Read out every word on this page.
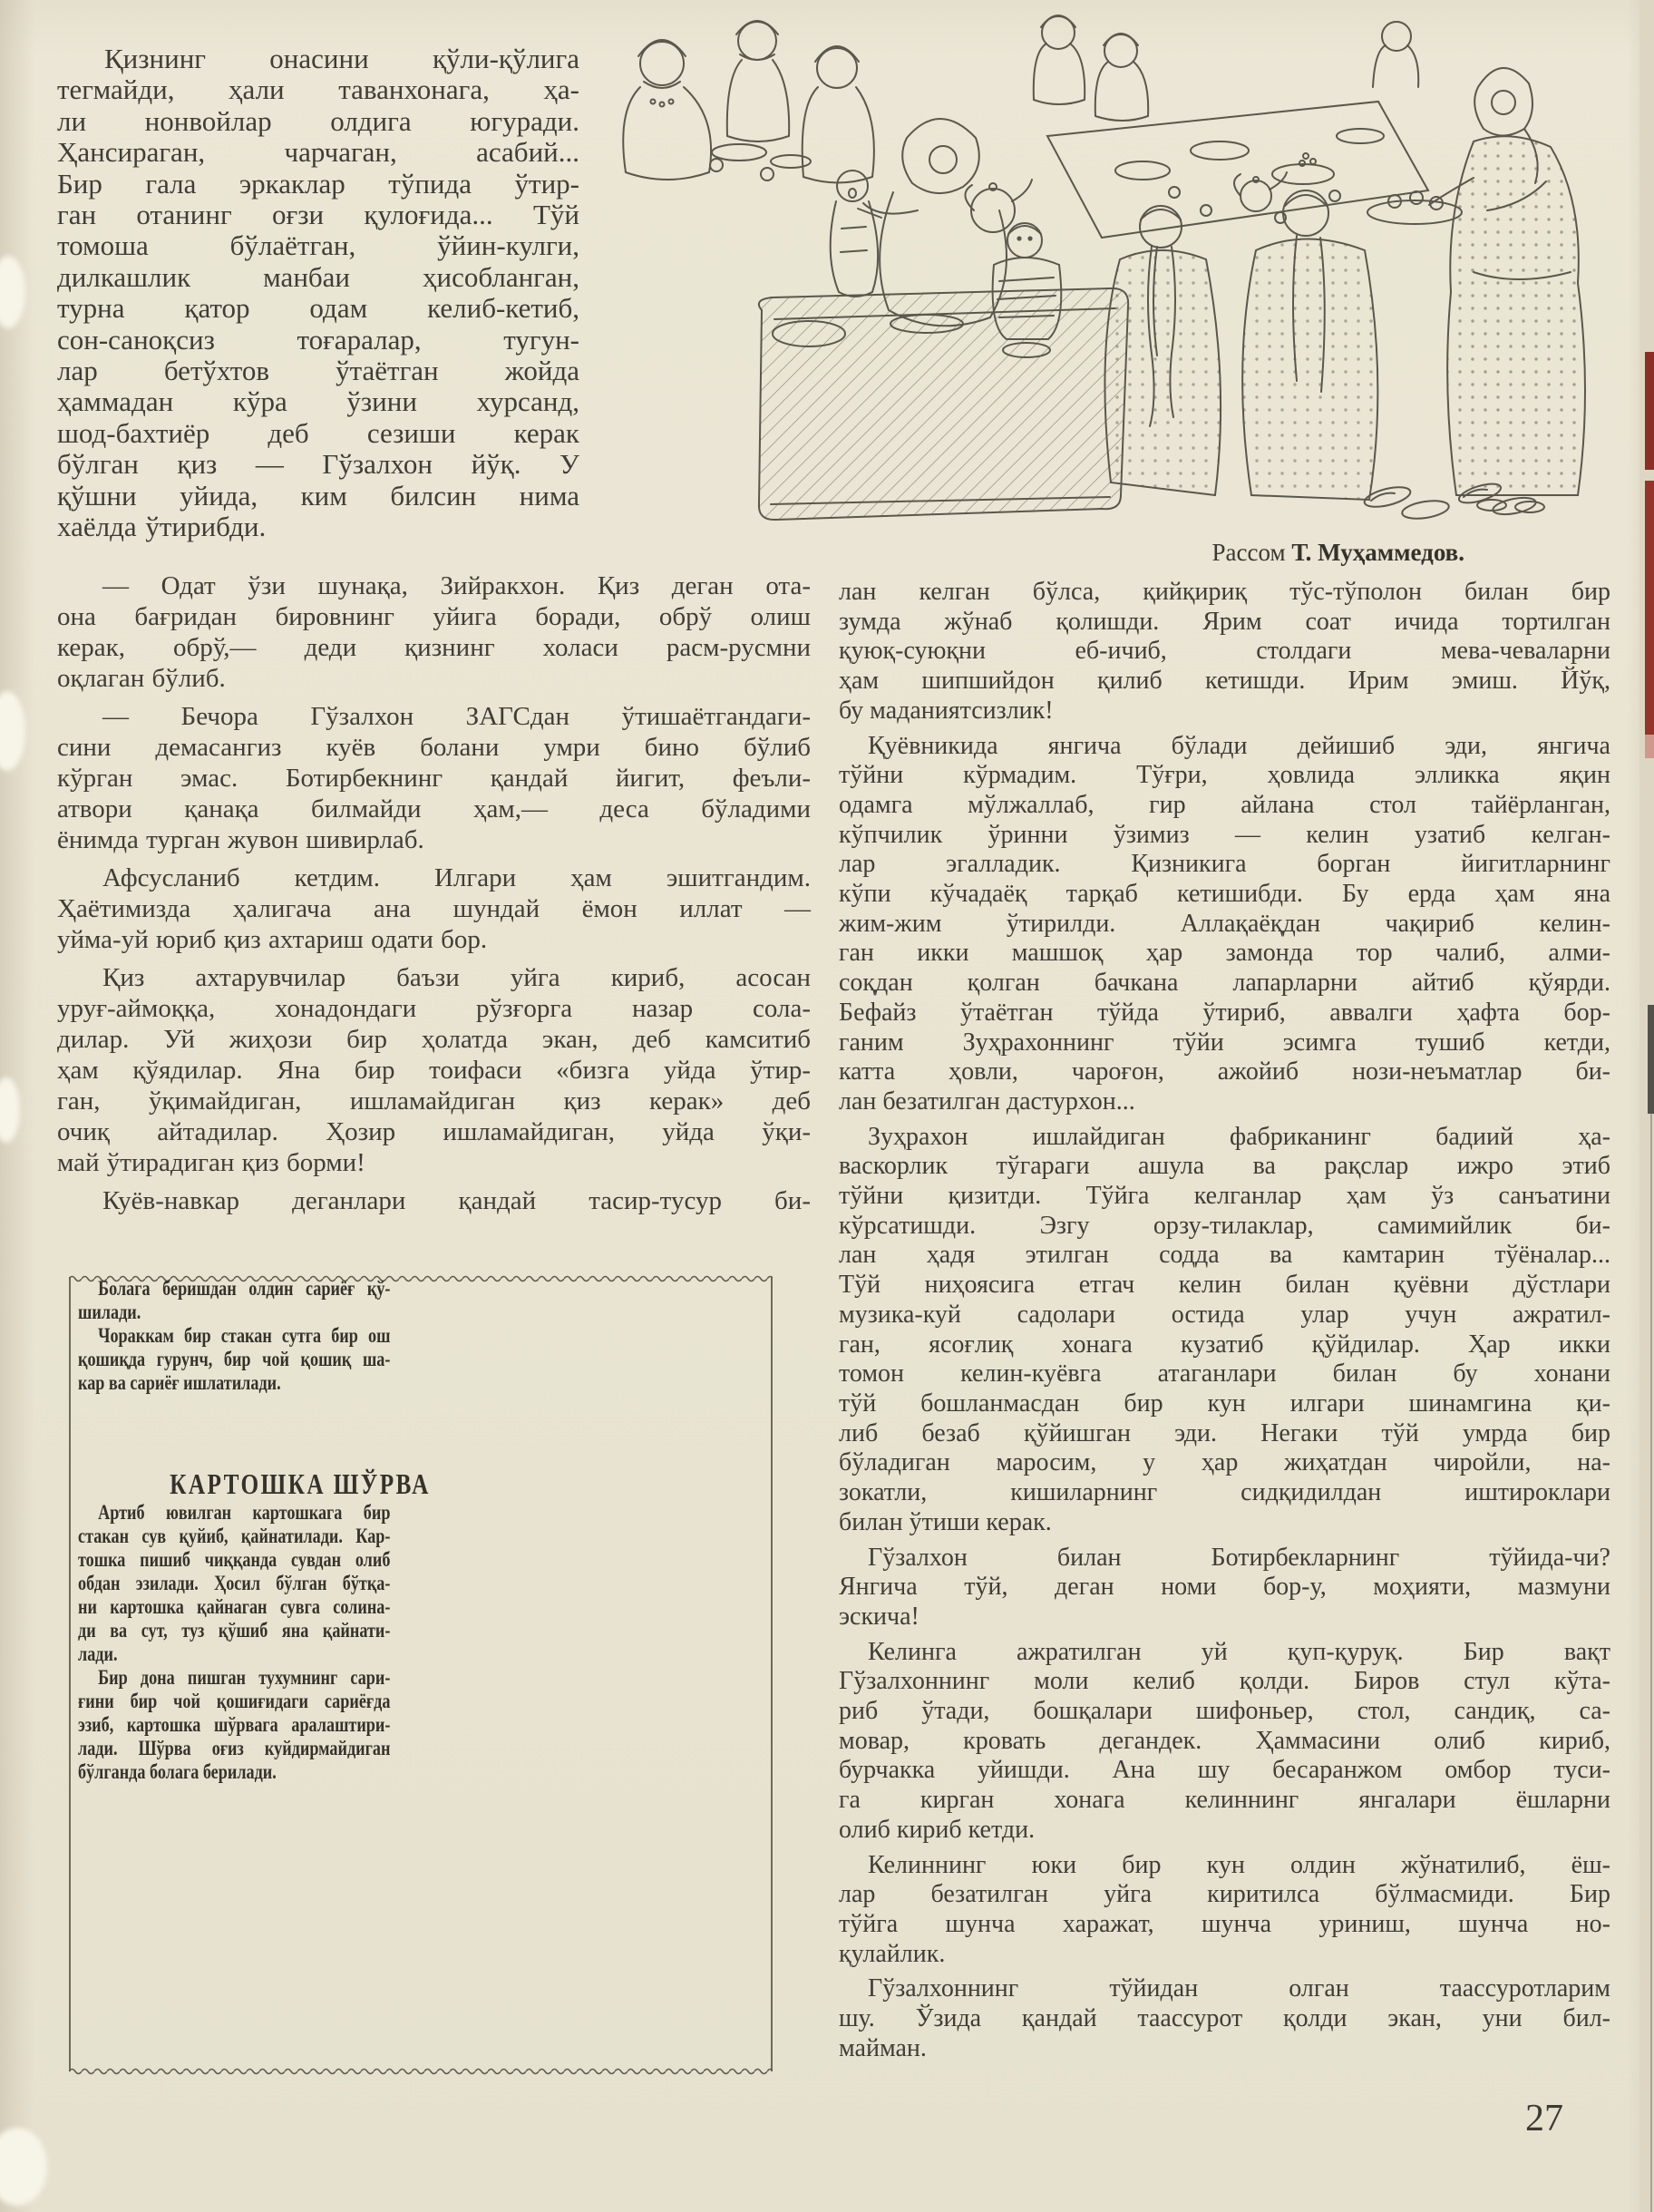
Рассом Т. Муҳаммедов.
Қизнинг онасини қўли-қўлига
тегмайди, ҳали таванхонага, ҳа-
ли нонвойлар олдига югуради.
Ҳансираган, чарчаган, асабий...
Бир гала эркаклар тўпида ўтир-
ган отанинг оғзи қулоғида... Тўй
томоша бўлаётган, ўйин-кулги,
дилкашлик манбаи ҳисобланган,
турна қатор одам келиб-кетиб,
сон-саноқсиз тоғаралар, тугун-
лар бетўхтов ўтаётган жойда
ҳаммадан кўра ўзини хурсанд,
шод-бахтиёр деб сезиши керак
бўлган қиз — Гўзалхон йўқ. У
қўшни уйида, ким билсин нима
хаёлда ўтирибди.
— Одат ўзи шунақа, Зийракхон. Қиз деган ота-
она бағридан бировнинг уйига боради, обрў олиш
керак, обрў,— деди қизнинг холаси расм-русмни
оқлаган бўлиб.
— Бечора Гўзалхон ЗАГСдан ўтишаётгандаги-
сини демасангиз куёв болани умри бино бўлиб
кўрган эмас. Ботирбекнинг қандай йигит, феъли-
атвори қанақа билмайди ҳам,— деса бўладими
ёнимда турган жувон шивирлаб.
Афсусланиб кетдим. Илгари ҳам эшитгандим.
Ҳаётимизда ҳалигача ана шундай ёмон иллат —
уйма-уй юриб қиз ахтариш одати бор.
Қиз ахтарувчилар баъзи уйга кириб, асосан
уруғ-аймоққа, хонадондаги рўзғорга назар сола-
дилар. Уй жиҳози бир ҳолатда экан, деб камситиб
ҳам қўядилар. Яна бир тоифаси «бизга уйда ўтир-
ган, ўқимайдиган, ишламайдиган қиз керак» деб
очиқ айтадилар. Ҳозир ишламайдиган, уйда ўқи-
май ўтирадиган қиз борми!
Куёв-навкар деганлари қандай тасир-тусур би-
лан келган бўлса, қийқириқ тўс-тўполон билан бир
зумда жўнаб қолишди. Ярим соат ичида тортилган
қуюқ-суюқни еб-ичиб, столдаги мева-чеваларни
ҳам шипшийдон қилиб кетишди. Ирим эмиш. Йўқ,
бу маданиятсизлик!
Қуёвникида янгича бўлади дейишиб эди, янгича
тўйни кўрмадим. Тўғри, ҳовлида элликка яқин
одамга мўлжаллаб, гир айлана стол тайёрланган,
кўпчилик ўринни ўзимиз — келин узатиб келган-
лар эгалладик. Қизникига борган йигитларнинг
кўпи кўчадаёқ тарқаб кетишибди. Бу ерда ҳам яна
жим-жим ўтирилди. Аллақаёқдан чақириб келин-
ган икки машшоқ ҳар замонда тор чалиб, алми-
соқдан қолган бачкана лапарларни айтиб қўярди.
Бефайз ўтаётган тўйда ўтириб, аввалги ҳафта бор-
ганим Зуҳрахоннинг тўйи эсимга тушиб кетди,
катта ҳовли, чароғон, ажойиб нози-неъматлар би-
лан безатилган дастурхон...
Зуҳрахон ишлайдиган фабриканинг бадиий ҳа-
васкорлик тўгараги ашула ва рақслар ижро этиб
тўйни қизитди. Тўйга келганлар ҳам ўз санъатини
кўрсатишди. Эзгу орзу-тилаклар, самимийлик би-
лан ҳадя этилган содда ва камтарин тўёналар...
Тўй ниҳоясига етгач келин билан қуёвни дўстлари
музика-куй садолари остида улар учун ажратил-
ган, ясоғлиқ хонага кузатиб қўйдилар. Ҳар икки
томон келин-куёвга атаганлари билан бу хонани
тўй бошланмасдан бир кун илгари шинамгина қи-
либ безаб қўйишган эди. Негаки тўй умрда бир
бўладиган маросим, у ҳар жиҳатдан чиройли, на-
зокатли, кишиларнинг сидқидилдан иштироклари
билан ўтиши керак.
Гўзалхон билан Ботирбекларнинг тўйида-чи?
Янгича тўй, деган номи бор-у, моҳияти, мазмуни
эскича!
Келинга ажратилган уй қуп-қуруқ. Бир вақт
Гўзалхоннинг моли келиб қолди. Биров стул кўта-
риб ўтади, бошқалари шифоньер, стол, сандиқ, са-
мовар, кровать дегандек. Ҳаммасини олиб кириб,
бурчакка уйишди. Ана шу бесаранжом омбор туси-
га кирган хонага келиннинг янгалари ёшларни
олиб кириб кетди.
Келиннинг юки бир кун олдин жўнатилиб, ёш-
лар безатилган уйга киритилса бўлмасмиди. Бир
тўйга шунча харажат, шунча уриниш, шунча но-
қулайлик.
Гўзалхоннинг тўйидан олган таассуротларим
шу. Ўзида қандай таассурот қолди экан, уни бил-
майман.
Болага беришдан олдин сариёғ қў-
шилади.
Чораккам бир стакан сутга бир ош
қошиқда гурунч, бир чой қошиқ ша-
кар ва сариёғ ишлатилади.
КАРТОШКА ШЎРВА
Артиб ювилган картошкага бир
стакан сув қуйиб, қайнатилади. Кар-
тошка пишиб чиққанда сувдан олиб
обдан эзилади. Ҳосил бўлган бўтқа-
ни картошка қайнаган сувга солина-
ди ва сут, туз қўшиб яна қайнати-
лади.
Бир дона пишган тухумнинг сари-
ғини бир чой қошиғидаги сариёғда
эзиб, картошка шўрвага аралаштири-
лади. Шўрва оғиз куйдирмайдиган
бўлганда болага берилади.
27
